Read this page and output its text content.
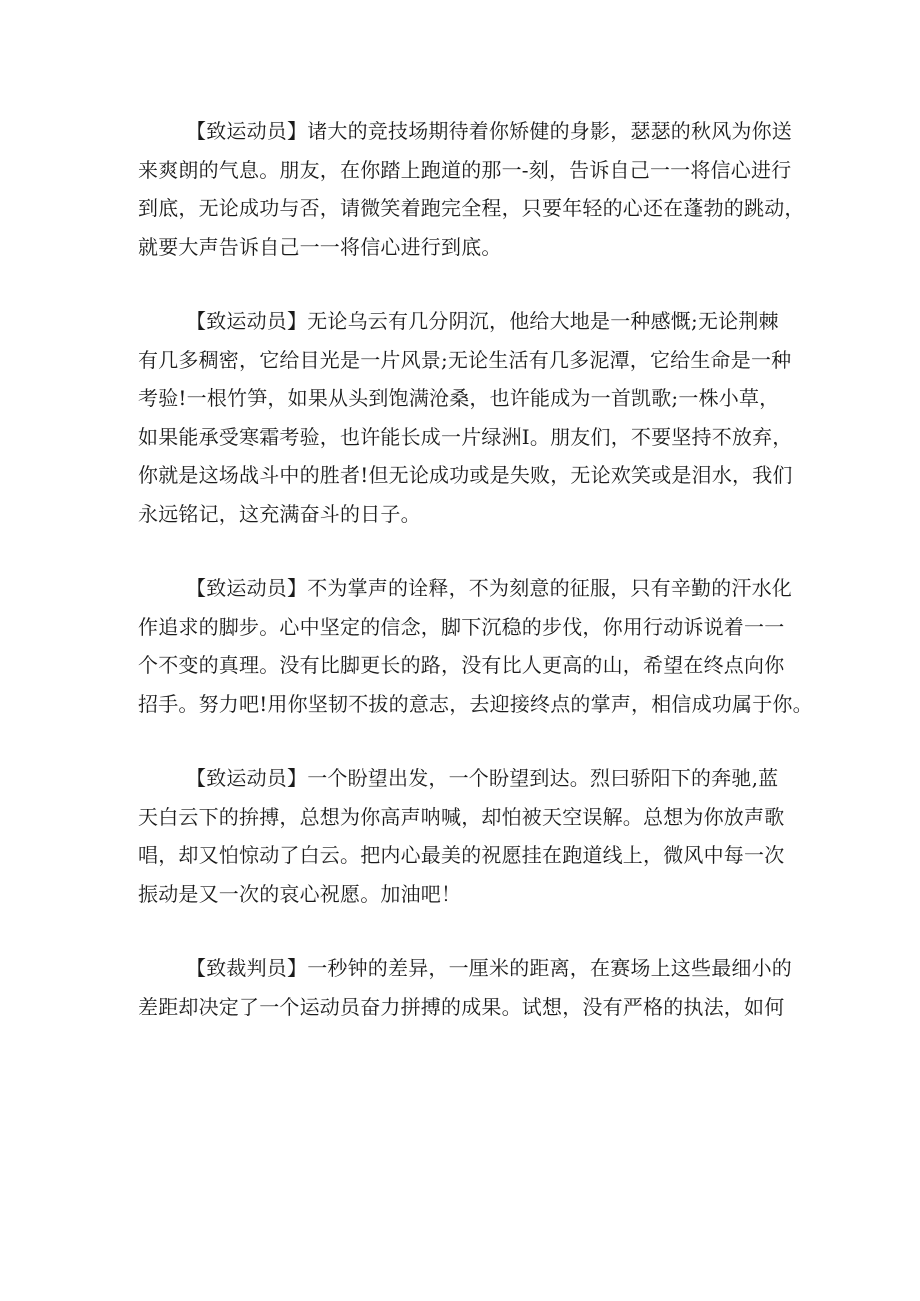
【致运动员】诸大的竞技场期待着你矫健的身影，瑟瑟的秋风为你送
来爽朗的气息。朋友，在你踏上跑道的那一-刻，告诉自己一一将信心进行
到底，无论成功与否，请微笑着跑完全程，只要年轻的心还在蓬勃的跳动，
就要大声告诉自己一一将信心进行到底。

【致运动员】无论乌云有几分阴沉，他给大地是一种感慨;无论荆棘
有几多稠密，它给目光是一片风景;无论生活有几多泥潭，它给生命是一种
考验!一根竹笋，如果从头到饱满沧桑，也许能成为一首凯歌;一株小草，
如果能承受寒霜考验，也许能长成一片绿洲Ⅰ。朋友们，不要坚持不放弃，
你就是这场战斗中的胜者!但无论成功或是失败，无论欢笑或是泪水，我们
永远铭记，这充满奋斗的日子。

【致运动员】不为掌声的诠释，不为刻意的征服，只有辛勤的汗水化
作追求的脚步。心中坚定的信念，脚下沉稳的步伐，你用行动诉说着一一
个不变的真理。没有比脚更长的路，没有比人更高的山，希望在终点向你
招手。努力吧!用你坚韧不拔的意志，去迎接终点的掌声，相信成功属于你。

【致运动员】一个盼望出发，一个盼望到达。烈曰骄阳下的奔驰,蓝
天白云下的拚搏，总想为你高声呐喊，却怕被天空误解。总想为你放声歌
唱，却又怕惊动了白云。把内心最美的祝愿挂在跑道线上，微风中每一次
振动是又一次的哀心祝愿。加油吧！

【致裁判员】一秒钟的差异，一厘米的距离，在赛场上这些最细小的
差距却决定了一个运动员奋力拼搏的成果。试想，没有严格的执法，如何
